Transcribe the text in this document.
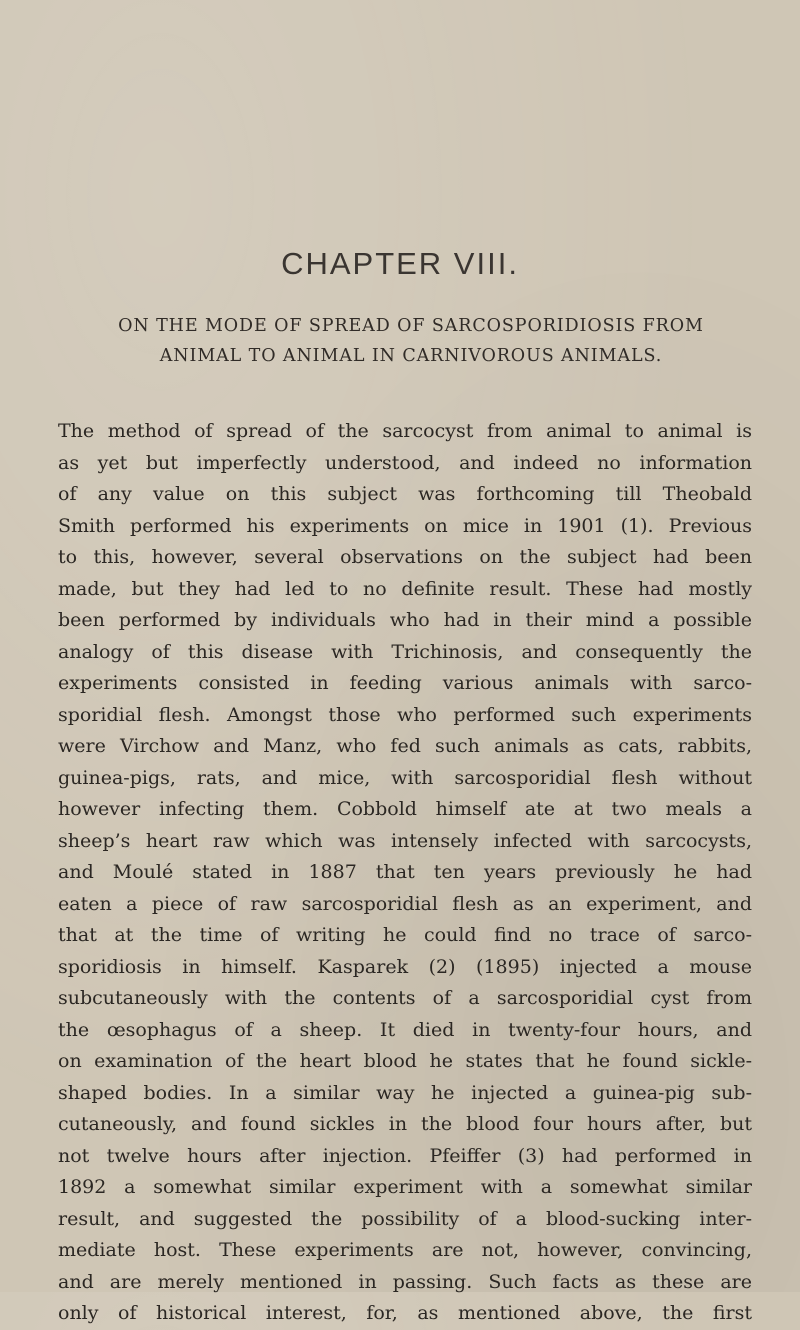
CHAPTER VIII.
ON THE MODE OF SPREAD OF SARCOSPORIDIOSIS FROM
ANIMAL TO ANIMAL IN CARNIVOROUS ANIMALS.
The method of spread of the sarcocyst from animal to animal is
as yet but imperfectly understood, and indeed no information
of any value on this subject was forthcoming till Theobald
Smith performed his experiments on mice in 1901 (1). Previous
to this, however, several observations on the subject had been
made, but they had led to no definite result. These had mostly
been performed by individuals who had in their mind a possible
analogy of this disease with Trichinosis, and consequently the
experiments consisted in feeding various animals with sarco-
sporidial flesh. Amongst those who performed such experiments
were Virchow and Manz, who fed such animals as cats, rabbits,
guinea-pigs, rats, and mice, with sarcosporidial flesh without
however infecting them. Cobbold himself ate at two meals a
sheep’s heart raw which was intensely infected with sarcocysts,
and Moulé stated in 1887 that ten years previously he had
eaten a piece of raw sarcosporidial flesh as an experiment, and
that at the time of writing he could find no trace of sarco-
sporidiosis in himself. Kasparek (2) (1895) injected a mouse
subcutaneously with the contents of a sarcosporidial cyst from
the œsophagus of a sheep. It died in twenty-four hours, and
on examination of the heart blood he states that he found sickle-
shaped bodies. In a similar way he injected a guinea-pig sub-
cutaneously, and found sickles in the blood four hours after, but
not twelve hours after injection. Pfeiffer (3) had performed in
1892 a somewhat similar experiment with a somewhat similar
result, and suggested the possibility of a blood-sucking inter-
mediate host. These experiments are not, however, convincing,
and are merely mentioned in passing. Such facts as these are
only of historical interest, for, as mentioned above, the first
